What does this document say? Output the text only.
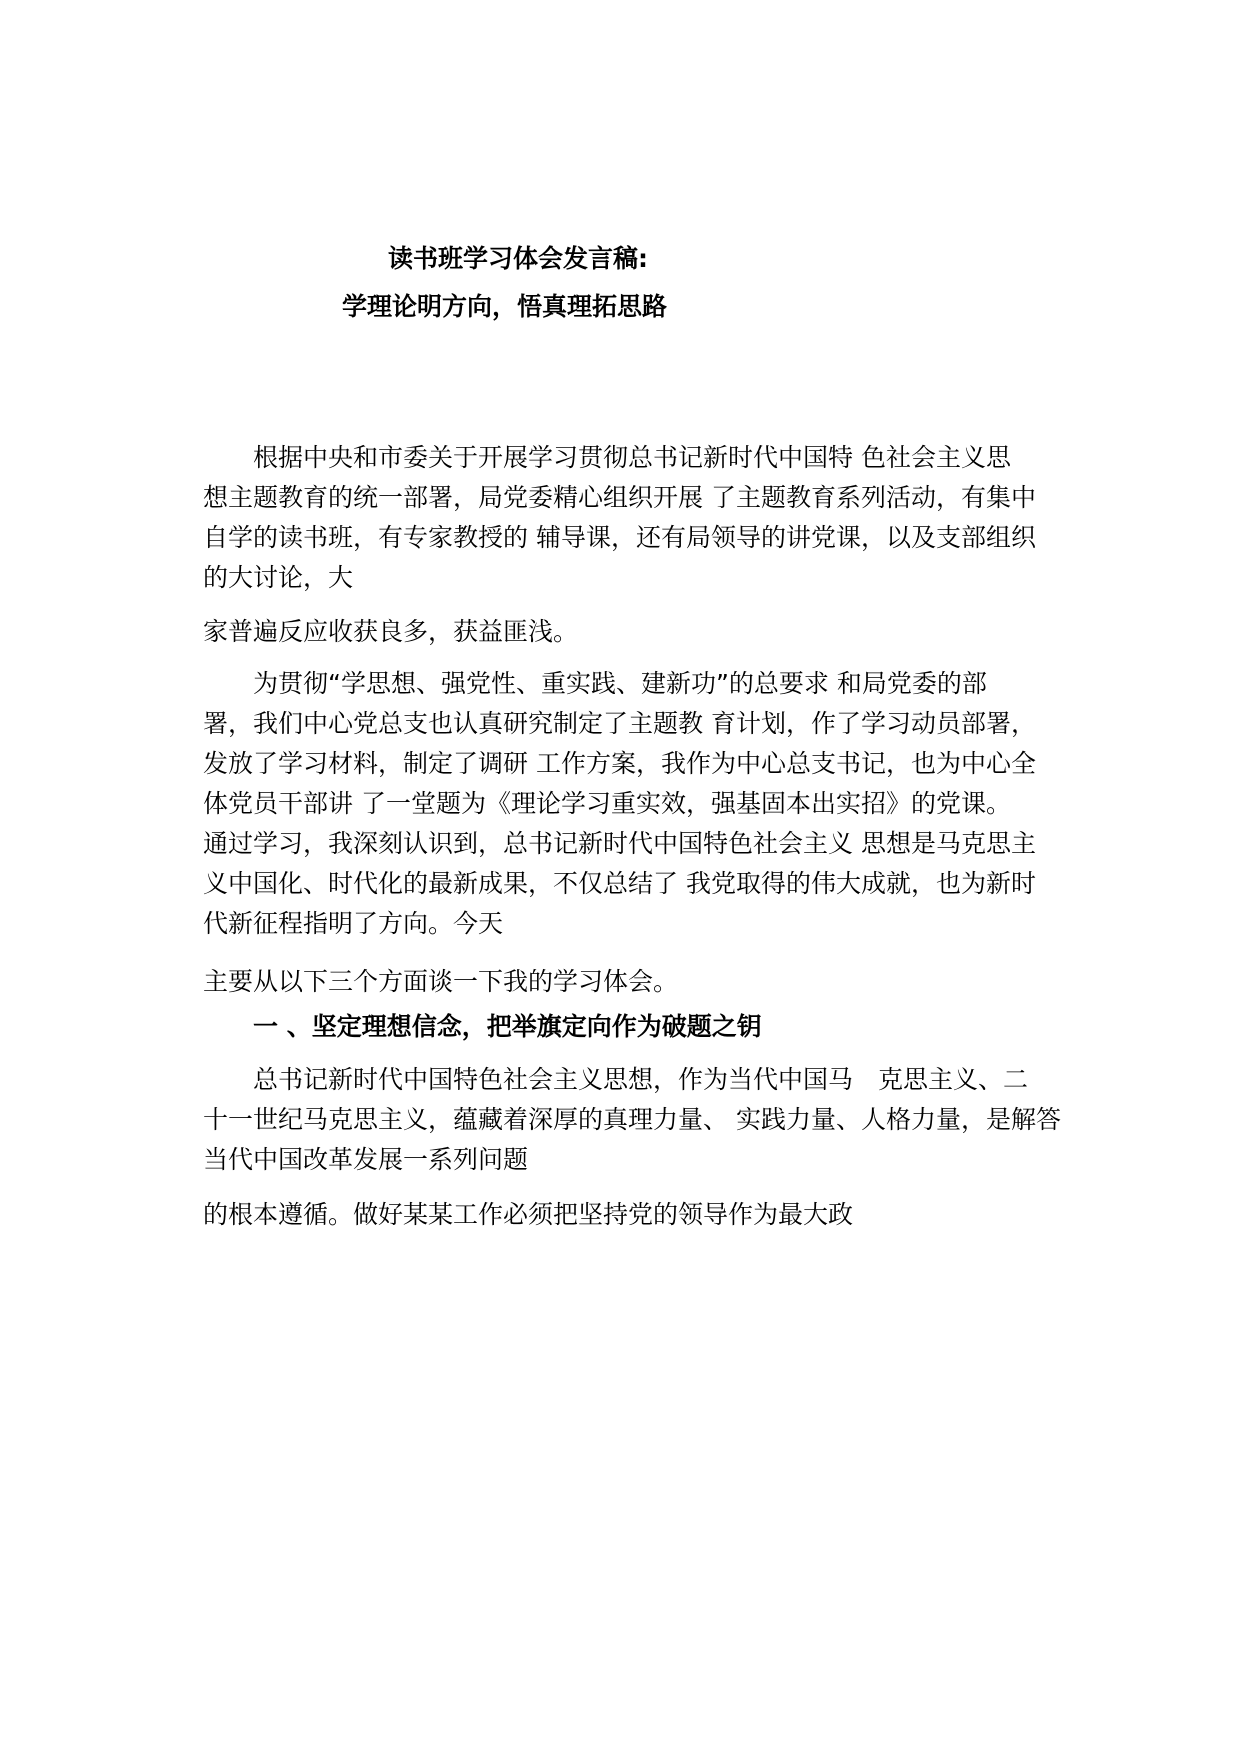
读书班学习体会发言稿:
学理论明方向，悟真理拓思路

　　根据中央和市委关于开展学习贯彻总书记新时代中国特 色社会主义思
想主题教育的统一部署，局党委精心组织开展 了主题教育系列活动，有集中
自学的读书班，有专家教授的 辅导课，还有局领导的讲党课，以及支部组织
的大讨论，大

家普遍反应收获良多，获益匪浅。

　　为贯彻“学思想、强党性、重实践、建新功”的总要求 和局党委的部
署，我们中心党总支也认真研究制定了主题教 育计划，作了学习动员部署，
发放了学习材料，制定了调研 工作方案，我作为中心总支书记，也为中心全
体党员干部讲 了一堂题为《理论学习重实效，强基固本出实招》的党课。
通过学习，我深刻认识到，总书记新时代中国特色社会主义 思想是马克思主
义中国化、时代化的最新成果，不仅总结了 我党取得的伟大成就，也为新时
代新征程指明了方向。今天

主要从以下三个方面谈一下我的学习体会。

　　一 、坚定理想信念，把举旗定向作为破题之钥

　　总书记新时代中国特色社会主义思想，作为当代中国马　克思主义、二
十一世纪马克思主义，蕴藏着深厚的真理力量、 实践力量、人格力量，是解答
当代中国改革发展一系列问题

的根本遵循。做好某某工作必须把坚持党的领导作为最大政
